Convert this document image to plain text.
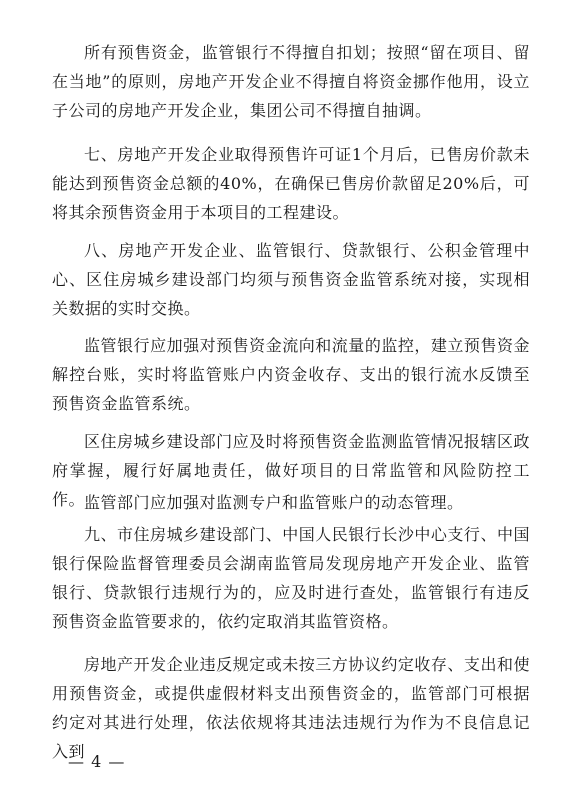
所有预售资金，监管银行不得擅自扣划；按照“留在项目、留在当地”的原则，房地产开发企业不得擅自将资金挪作他用，设立子公司的房地产开发企业，集团公司不得擅自抽调。

七、房地产开发企业取得预售许可证1个月后，已售房价款未能达到预售资金总额的40%，在确保已售房价款留足20%后，可将其余预售资金用于本项目的工程建设。

八、房地产开发企业、监管银行、贷款银行、公积金管理中心、区住房城乡建设部门均须与预售资金监管系统对接，实现相关数据的实时交换。

监管银行应加强对预售资金流向和流量的监控，建立预售资金解控台账，实时将监管账户内资金收存、支出的银行流水反馈至预售资金监管系统。

区住房城乡建设部门应及时将预售资金监测监管情况报辖区政府掌握，履行好属地责任，做好项目的日常监管和风险防控工作。

监管部门应加强对监测专户和监管账户的动态管理。

九、市住房城乡建设部门、中国人民银行长沙中心支行、中国银行保险监督管理委员会湖南监管局发现房地产开发企业、监管银行、贷款银行违规行为的，应及时进行查处，监管银行有违反预售资金监管要求的，依约定取消其监管资格。

房地产开发企业违反规定或未按三方协议约定收存、支出和使用预售资金，或提供虚假材料支出预售资金的，监管部门可根据约定对其进行处理，依法依规将其违法违规行为作为不良信息记入到

— 4 —
